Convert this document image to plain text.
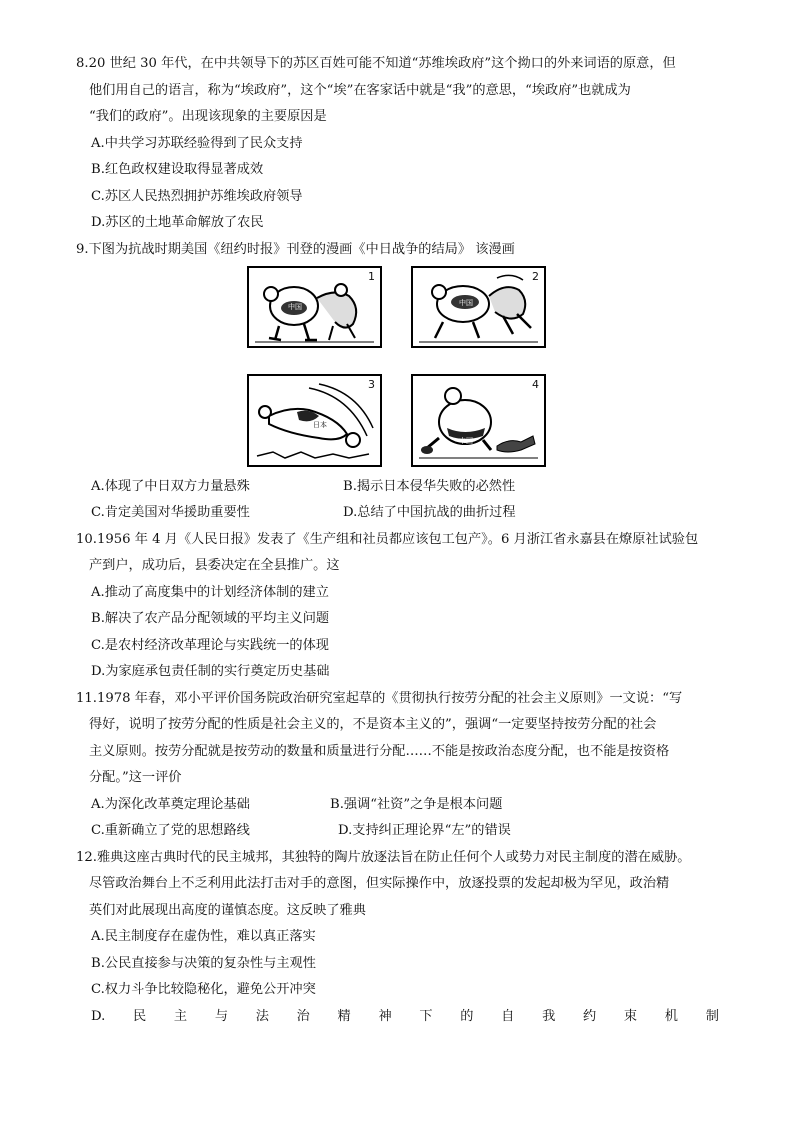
8.20 世纪 30 年代，在中共领导下的苏区百姓可能不知道“苏维埃政府”这个拗口的外来词语的原意，但
他们用自己的语言，称为“埃政府”，这个“埃”在客家话中就是“我”的意思，“埃政府”也就成为
“我们的政府”。出现该现象的主要原因是
A.中共学习苏联经验得到了民众支持
B.红色政权建设取得显著成效
C.苏区人民热烈拥护苏维埃政府领导
D.苏区的土地革命解放了农民
9.下图为抗战时期美国《纽约时报》刊登的漫画《中日战争的结局》 该漫画
1
中国
2
中国
3
日本
4
中国
A.体现了中日双方力量悬殊	B.揭示日本侵华失败的必然性
C.肯定美国对华援助重要性	D.总结了中国抗战的曲折过程
10.1956 年 4 月《人民日报》发表了《生产组和社员都应该包工包产》。6 月浙江省永嘉县在燎原社试验包
产到户，成功后，县委决定在全县推广。这
A.推动了高度集中的计划经济体制的建立
B.解决了农产品分配领域的平均主义问题
C.是农村经济改革理论与实践统一的体现
D.为家庭承包责任制的实行奠定历史基础
11.1978 年春，邓小平评价国务院政治研究室起草的《贯彻执行按劳分配的社会主义原则》一文说：“写
得好，说明了按劳分配的性质是社会主义的，不是资本主义的”，强调“一定要坚持按劳分配的社会
主义原则。按劳分配就是按劳动的数量和质量进行分配……不能是按政治态度分配，也不能是按资格
分配。”这一评价
A.为深化改革奠定理论基础	B.强调“社资”之争是根本问题
C.重新确立了党的思想路线	D.支持纠正理论界“左”的错误
12.雅典这座古典时代的民主城邦，其独特的陶片放逐法旨在防止任何个人或势力对民主制度的潜在威胁。
尽管政治舞台上不乏利用此法打击对手的意图，但实际操作中，放逐投票的发起却极为罕见，政治精
英们对此展现出高度的谨慎态度。这反映了雅典
A.民主制度存在虚伪性，难以真正落实
B.公民直接参与决策的复杂性与主观性
C.权力斗争比较隐秘化，避免公开冲突
D. 民 主 与 法 治 精 神 下 的 自 我 约 束 机 制
